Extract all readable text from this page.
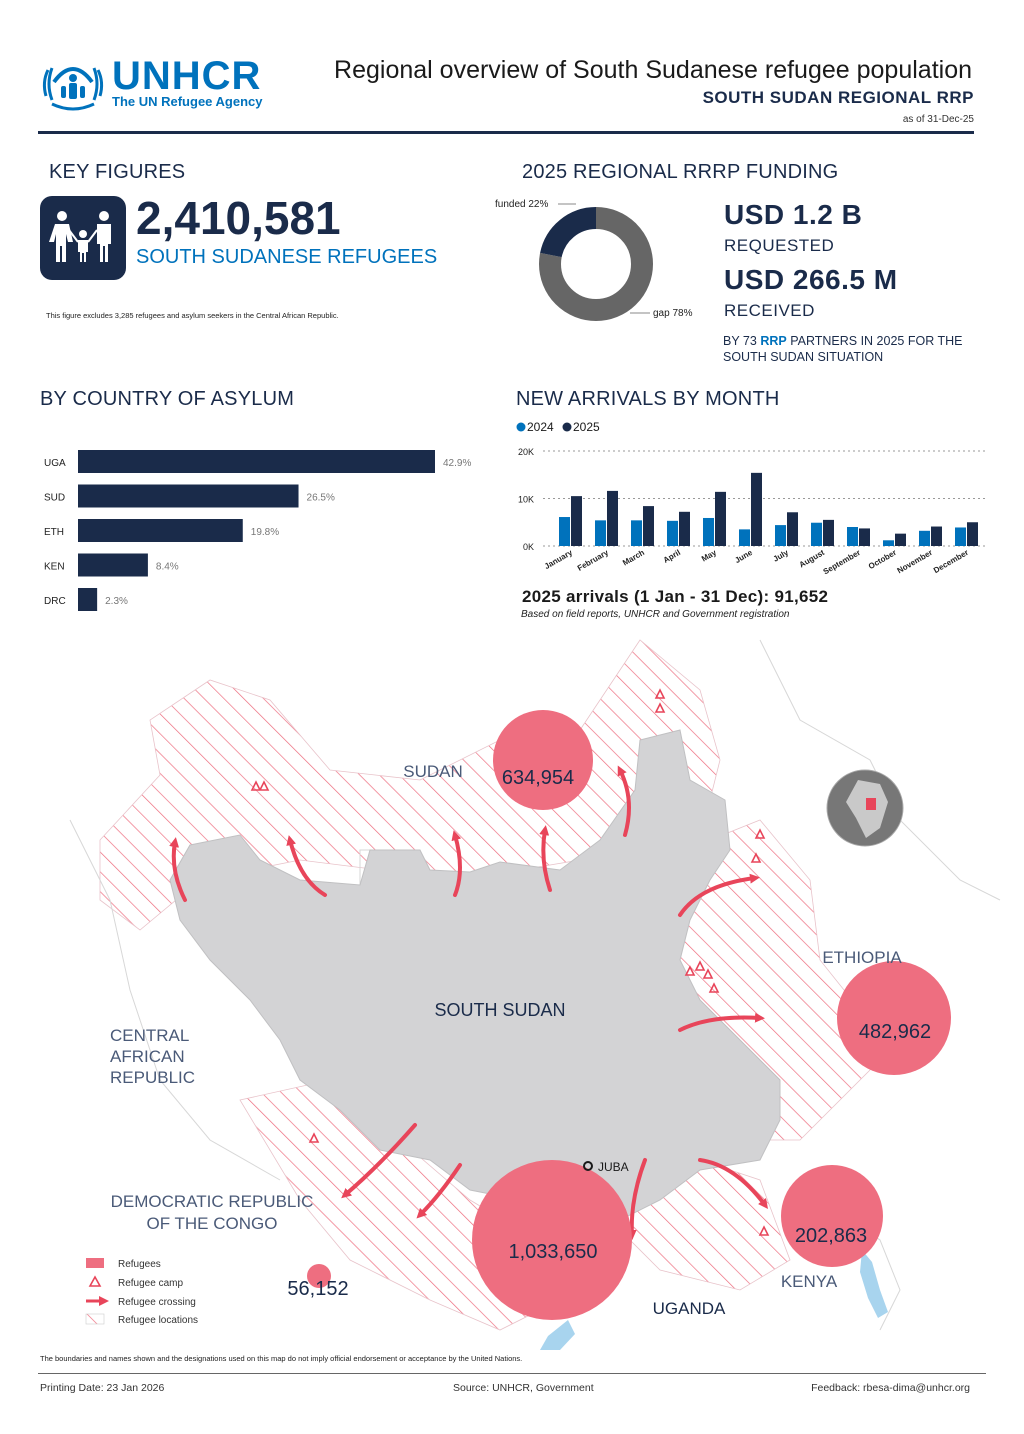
UNHCR
The UN Refugee Agency
Regional overview of South Sudanese refugee population
SOUTH SUDAN REGIONAL RRP
as of 31-Dec-25
KEY FIGURES
2,410,581
SOUTH SUDANESE REFUGEES
This figure excludes 3,285 refugees and asylum seekers in the Central African Republic.
2025 REGIONAL RRRP FUNDING
funded 22%
gap 78%
USD 1.2 B
REQUESTED
USD 266.5 M
RECEIVED
BY 73 RRP PARTNERS IN 2025 FOR THE SOUTH SUDAN SITUATION
BY COUNTRY OF ASYLUM
UGA	42.9%
SUD	26.5%
ETH	19.8%
KEN	8.4%
DRC	2.3%
NEW ARRIVALS BY MONTH
2024 2025
20K
10K
0K
January February March April May June July August
September October
November
December
2025 arrivals (1 Jan - 31 Dec): 91,652
Based on field reports, UNHCR and Government registration
634,954
482,962
1,033,650
202,863
56,152
SUDAN
SOUTH SUDAN
ETHIOPIA
CENTRAL
AFRICAN
REPUBLIC
DEMOCRATIC REPUBLIC
OF THE CONGO
KENYA
UGANDA
JUBA
Refugees
Refugee camp
Refugee crossing
Refugee locations
The boundaries and names shown and the designations used on this map do not imply official endorsement or acceptance by the United Nations.
Printing Date: 23 Jan 2026	Source: UNHCR, Government	Feedback: rbesa-dima@unhcr.org
